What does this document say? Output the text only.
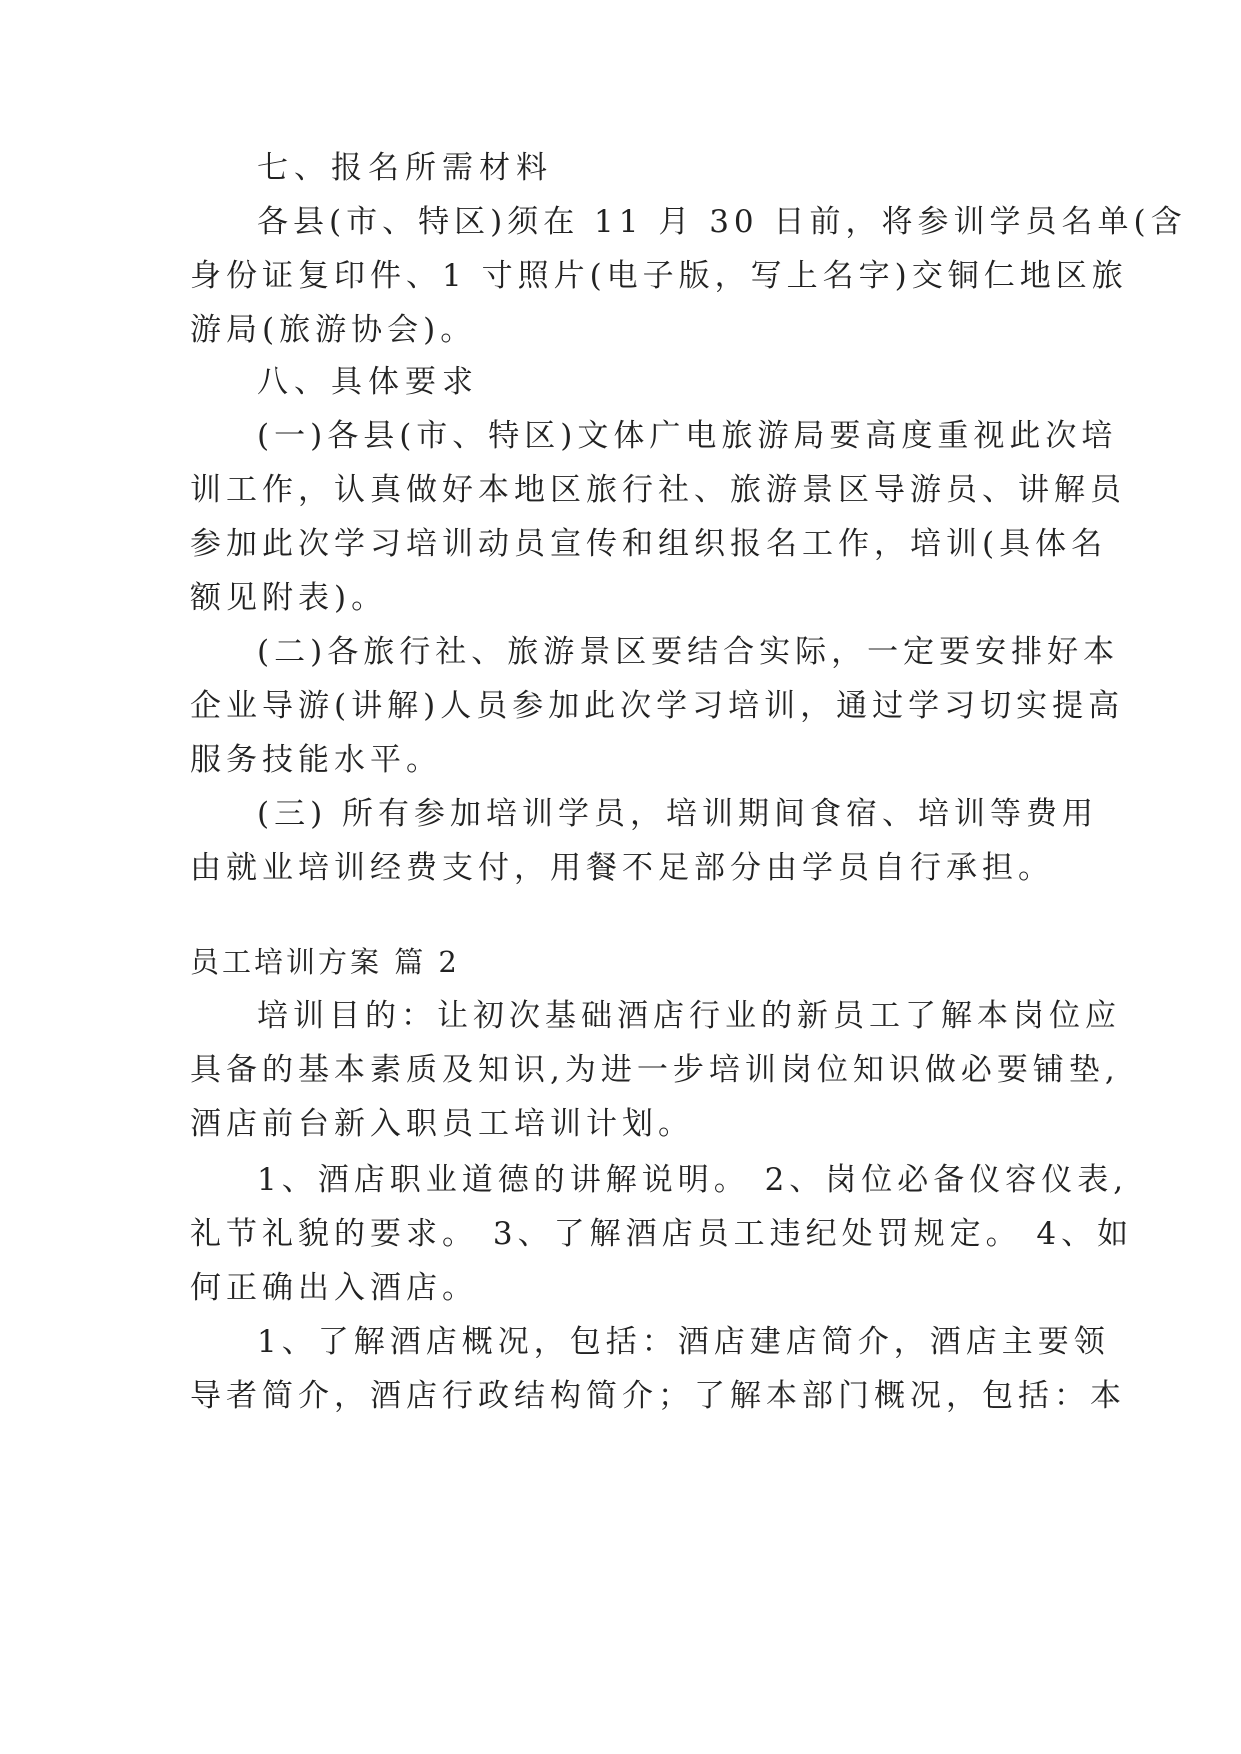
七、报名所需材料
各县(市、特区)须在 11 月 30 日前，将参训学员名单(含
身份证复印件、1 寸照片(电子版，写上名字)交铜仁地区旅
游局(旅游协会)。
八、具体要求
(一)各县(市、特区)文体广电旅游局要高度重视此次培
训工作，认真做好本地区旅行社、旅游景区导游员、讲解员
参加此次学习培训动员宣传和组织报名工作，培训(具体名
额见附表)。
(二)各旅行社、旅游景区要结合实际，一定要安排好本
企业导游(讲解)人员参加此次学习培训，通过学习切实提高
服务技能水平。
(三) 所有参加培训学员，培训期间食宿、培训等费用
由就业培训经费支付，用餐不足部分由学员自行承担。
员工培训方案 篇 2
培训目的：让初次基础酒店行业的新员工了解本岗位应
具备的基本素质及知识,为进一步培训岗位知识做必要铺垫,
酒店前台新入职员工培训计划。
1、酒店职业道德的讲解说明。 2、岗位必备仪容仪表,
礼节礼貌的要求。 3、了解酒店员工违纪处罚规定。 4、如
何正确出入酒店。
1、了解酒店概况，包括：酒店建店简介，酒店主要领
导者简介，酒店行政结构简介；了解本部门概况，包括：本
